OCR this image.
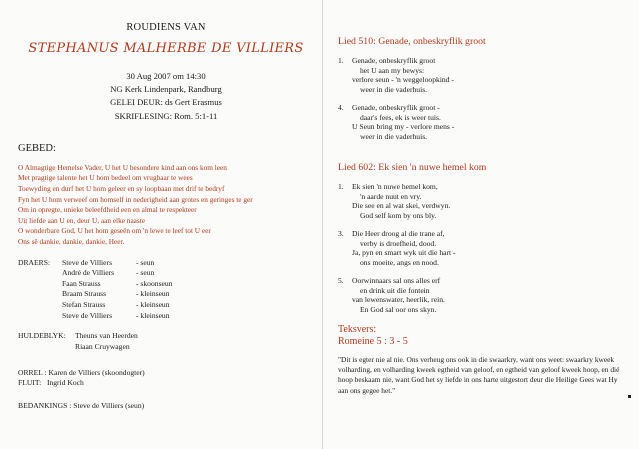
ROUDIENS VAN
STEPHANUS MALHERBE DE VILLIERS
30 Aug 2007 om 14:30
NG Kerk Lindenpark, Randburg
GELEI DEUR: ds Gert Erasmus
SKRIFLESING: Rom. 5:1-11
GEBED:
O Almagtige Hemelse Vader, U het U besondere kind aan ons kom leen
Met pragtige talente het U hom bedeel om vrugbaar te wees
Toewyding en durf het U hom geleer en sy loopbaan met drif te bedryf
Fyn het U hom verweef om homself in nederigheid aan grotes en geringes te ger
Om in opregte, unieke beleefdheid een en almal te respekteer
Uit liefde aan U en, deur U, aan elke naaste
O wonderbare God, U het hom geseën om 'n lewe te leef tot U eer
Ons sê dankie, dankie, dankie, Heer.
DRAERS:	Steve de Villiers	- seun
André de Villiers	- seun
Faan Strauss	- skoonseun
Braam Strauss	- kleinseun
Stefan Strauss	- kleinseun
Steve de Villiers	- kleinseun
HULDEBLYK:	Theuns van Heerden
Riaan Cruywagen
ORREL : Karen de Villiers (skoondogter)
FLUIT:   Ingrid Koch
BEDANKINGS : Steve de Villiers (seun)
Lied 510: Genade, onbeskryflik groot
1.	Genade, onbeskryflik groot
het U aan my bewys:
verlore seun - 'n weggeloopkind -
weer in die vaderhuis.
4.	Genade, onbeskryflik groot -
daar's fees, ek is weer tuis.
U Seun bring my - verlore mens -
weer in die vaderhuis.
Lied 602: Ek sien 'n nuwe hemel kom
1.	Ek sien 'n nuwe hemel kom,
'n aarde nuut en vry.
Die see en al wat skei, verdwyn.
God self kom by ons bly.
3.	Die Heer droog al die trane af,
verby is droefheid, dood.
Ja, pyn en smart wyk uit die hart -
ons moeite, angs en nood.
5.	Oorwinnaars sal ons alles erf
en drink uit die fontein
van lewenswater, heerlik, rein.
En God sal oor ons skyn.
Teksvers:
Romeine 5 : 3 - 5
"Dit is egter nie al nie. Ons verheug ons ook in die swaarkry, want ons weet: swaarkry kweek volharding, en volharding kweek egtheid van geloof, en egtheid van geloof kweek hoop, en dié hoop beskaam nie, want God het sy liefde in ons harte uitgestort deur die Heilige Gees wat Hy aan ons gegee het."
